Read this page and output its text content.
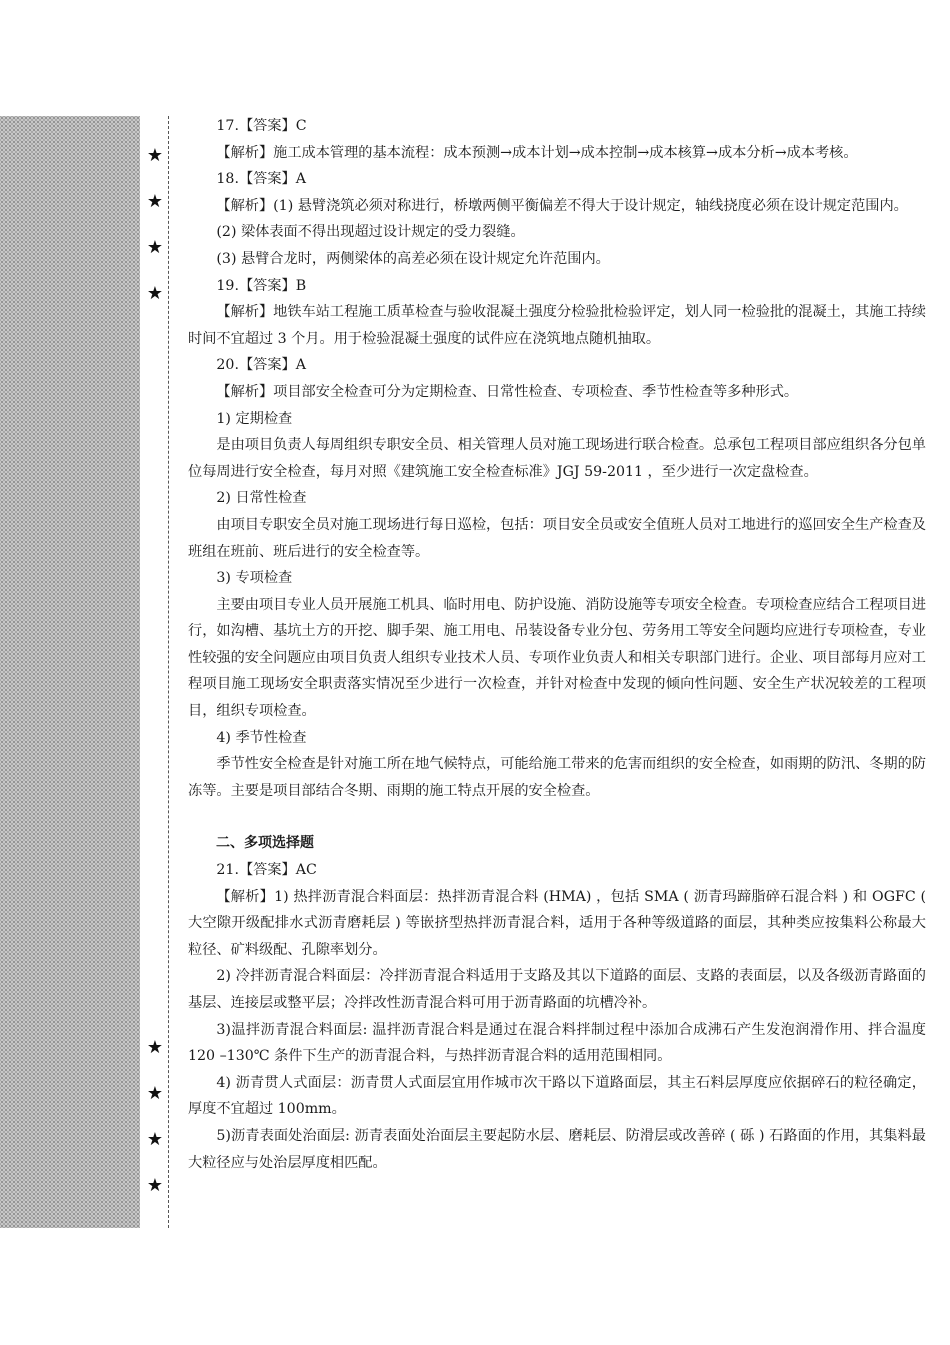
★
★
★
★
★
★
★
★

17.【答案】C

【解析】施工成本管理的基本流程：成本预测→成本计划→成本控制→成本核算→成本分析→成本考核。

18.【答案】A

【解析】(1) 悬臂浇筑必须对称进行，桥墩两侧平衡偏差不得大于设计规定，轴线挠度必须在设计规定范围内。

(2) 梁体表面不得出现超过设计规定的受力裂缝。

(3) 悬臂合龙时，两侧梁体的高差必须在设计规定允许范围内。

19.【答案】B

【解析】地铁车站工程施工质革检查与验收混凝土强度分检验批检验评定，划人同一检验批的混凝土，其施工持续时间不宜超过 3 个月。用于检验混凝土强度的试件应在浇筑地点随机抽取。

20.【答案】A

【解析】项目部安全检查可分为定期检查、日常性检查、专项检查、季节性检查等多种形式。

1) 定期检查

是由项目负责人每周组织专职安全员、相关管理人员对施工现场进行联合检查。总承包工程项目部应组织各分包单位每周进行安全检查，每月对照《建筑施工安全检查标准》JGJ 59-2011 ，至少进行一次定盘检查。

2) 日常性检查

由项目专职安全员对施工现场进行每日巡检，包括：项目安全员或安全值班人员对工地进行的巡回安全生产检查及班组在班前、班后进行的安全检查等。

3) 专项检查

主要由项目专业人员开展施工机具、临时用电、防护设施、消防设施等专项安全检查。专项检查应结合工程项目进行，如沟槽、基坑土方的开挖、脚手架、施工用电、吊装设备专业分包、劳务用工等安全问题均应进行专项检查，专业性较强的安全问题应由项目负责人组织专业技术人员、专项作业负责人和相关专职部门进行。企业、项目部每月应对工程项目施工现场安全职责落实情况至少进行一次检查，并针对检查中发现的倾向性问题、安全生产状况较差的工程项目，组织专项检查。

4) 季节性检查

季节性安全检查是针对施工所在地气候特点，可能给施工带来的危害而组织的安全检查，如雨期的防汛、冬期的防冻等。主要是项目部结合冬期、雨期的施工特点开展的安全检查。

二、多项选择题

21.【答案】AC

【解析】1) 热拌沥青混合料面层：热拌沥青混合料 (HMA) ，包括 SMA ( 沥青玛蹄脂碎石混合料 ) 和 OGFC ( 大空隙开级配排水式沥青磨耗层 ) 等嵌挤型热拌沥青混合料，适用于各种等级道路的面层，其种类应按集料公称最大粒径、矿料级配、孔隙率划分。

2) 冷拌沥青混合料面层：冷拌沥青混合料适用于支路及其以下道路的面层、支路的表面层，以及各级沥青路面的基层、连接层或整平层；冷拌改性沥青混合料可用于沥青路面的坑槽冷补。

3)温拌沥青混合料面层: 温拌沥青混合料是通过在混合料拌制过程中添加合成沸石产生发泡润滑作用、拌合温度 120 –130℃ 条件下生产的沥青混合料，与热拌沥青混合料的适用范围相同。

4) 沥青贯人式面层：沥青贯人式面层宜用作城市次干路以下道路面层，其主石料层厚度应依据碎石的粒径确定，厚度不宜超过 100mm。

5)沥青表面处治面层: 沥青表面处治面层主要起防水层、磨耗层、防滑层或改善碎 ( 砾 ) 石路面的作用，其集料最大粒径应与处治层厚度相匹配。
